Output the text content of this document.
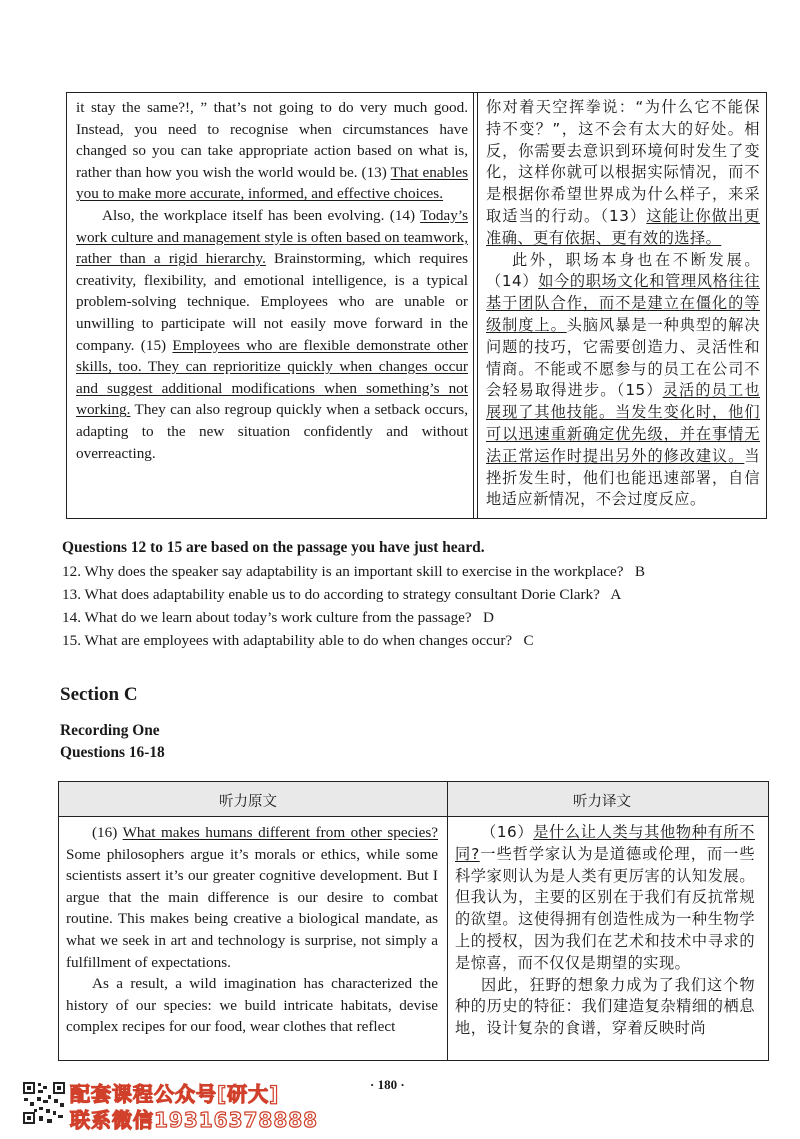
it stay the same?!, ” that’s not going to do very much good. Instead, you need to recognise when circumstances have changed so you can take appropriate action based on what is, rather than how you wish the world would be. (13) That enables you to make more accurate, informed, and effective choices.

Also, the workplace itself has been evolving. (14) Today’s work culture and management style is often based on teamwork, rather than a rigid hierarchy. Brainstorming, which requires creativity, flexibility, and emotional intelligence, is a typical problem-solving technique. Employees who are unable or unwilling to participate will not easily move forward in the company. (15) Employees who are flexible demonstrate other skills, too. They can reprioritize quickly when changes occur and suggest additional modifications when something’s not working. They can also regroup quickly when a setback occurs, adapting to the new situation confidently and without overreacting.

你对着天空挥拳说：“为什么它不能保持不变？”，这不会有太大的好处。相反，你需要去意识到环境何时发生了变化，这样你就可以根据实际情况，而不是根据你希望世界成为什么样子，来采取适当的行动。（13）这能让你做出更准确、更有依据、更有效的选择。

此外，职场本身也在不断发展。（14）如今的职场文化和管理风格往往基于团队合作，而不是建立在僵化的等级制度上。头脑风暴是一种典型的解决问题的技巧，它需要创造力、灵活性和情商。不能或不愿参与的员工在公司不会轻易取得进步。（15）灵活的员工也展现了其他技能。当发生变化时，他们可以迅速重新确定优先级，并在事情无法正常运作时提出另外的修改建议。当挫折发生时，他们也能迅速部署，自信地适应新情况，不会过度反应。

Questions 12 to 15 are based on the passage you have just heard.
12. Why does the speaker say adaptability is an important skill to exercise in the workplace?   B
13. What does adaptability enable us to do according to strategy consultant Dorie Clark?   A
14. What do we learn about today’s work culture from the passage?   D
15. What are employees with adaptability able to do when changes occur?   C
Section C
Recording One
Questions 16-18
听力原文	听力译文

(16) What makes humans different from other species? Some philosophers argue it’s morals or ethics, while some scientists assert it’s our greater cognitive development. But I argue that the main difference is our desire to combat routine. This makes being creative a biological mandate, as what we seek in art and technology is surprise, not simply a fulfillment of expectations.

As a result, a wild imagination has characterized the history of our species: we build intricate habitats, devise complex recipes for our food, wear clothes that reflect

（16）是什么让人类与其他物种有所不同?一些哲学家认为是道德或伦理，而一些科学家则认为是人类有更厉害的认知发展。但我认为，主要的区别在于我们有反抗常规的欲望。这使得拥有创造性成为一种生物学上的授权，因为我们在艺术和技术中寻求的是惊喜，而不仅仅是期望的实现。

因此，狂野的想象力成为了我们这个物种的历史的特征：我们建造复杂精细的栖息地，设计复杂的食谱，穿着反映时尚

· 180 ·
配套课程公众号[研大]
联系微信19316378888
